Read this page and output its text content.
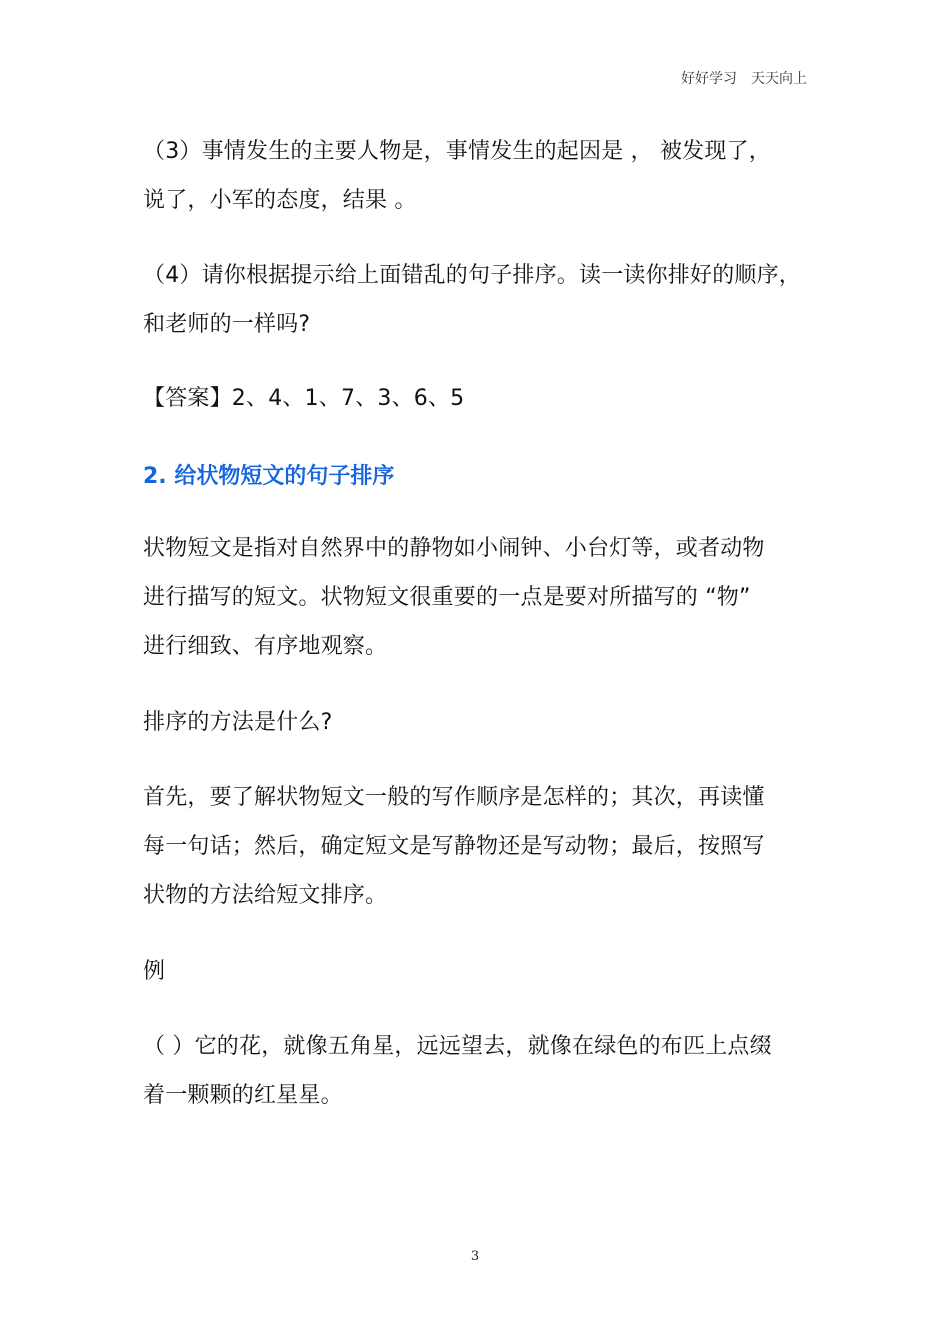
好好学习　天天向上

（3）事情发生的主要人物是，事情发生的起因是 ， 被发现了，
说了，小军的态度，结果 。

（4）请你根据提示给上面错乱的句子排序。读一读你排好的顺序，
和老师的一样吗?

【答案】2、4、1、7、3、6、5

2. 给状物短文的句子排序

状物短文是指对自然界中的静物如小闹钟、小台灯等，或者动物
进行描写的短文。状物短文很重要的一点是要对所描写的 “物”
进行细致、有序地观察。

排序的方法是什么?

首先，要了解状物短文一般的写作顺序是怎样的；其次，再读懂
每一句话；然后，确定短文是写静物还是写动物；最后，按照写
状物的方法给短文排序。

例

（ ）它的花，就像五角星，远远望去，就像在绿色的布匹上点缀
着一颗颗的红星星。

3
